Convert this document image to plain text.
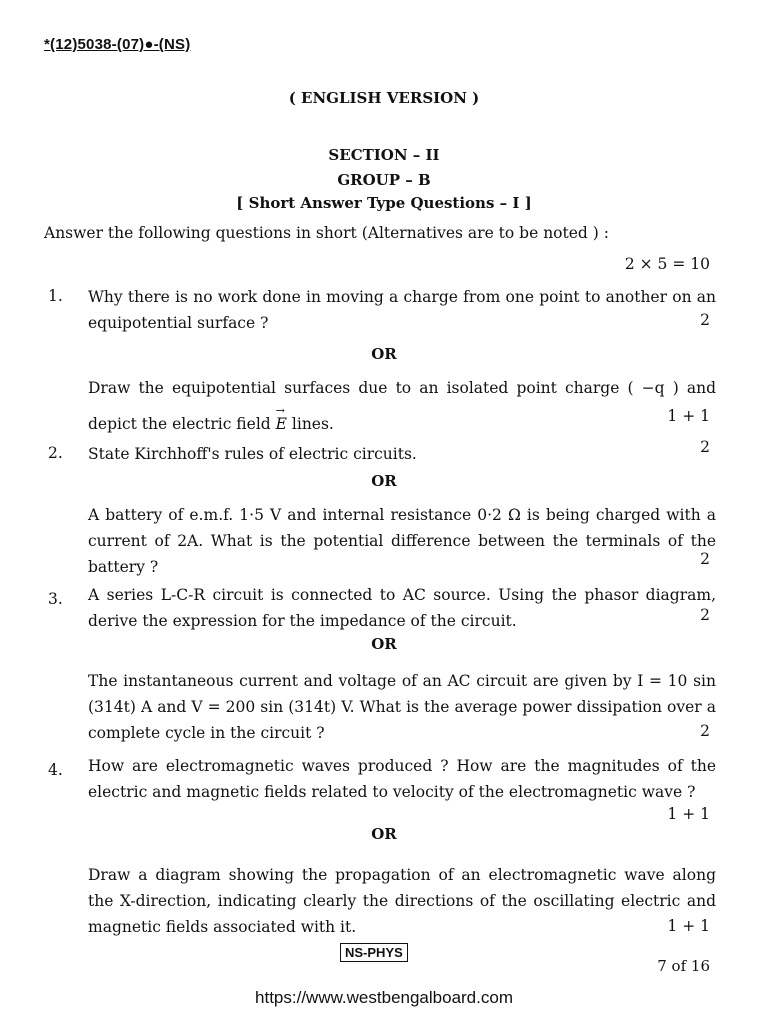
*(12)5038-(07)●-(NS)

( ENGLISH VERSION )

SECTION – II

GROUP – B

[ Short Answer Type Questions – I ]

Answer the following questions in short (Alternatives are to be noted ) :

2 × 5 = 10

1. Why there is no work done in moving a charge from one point to another on an equipotential surface ?	2

OR

Draw the equipotential surfaces due to an isolated point charge ( −q ) and depict the electric field → E lines.	1 + 1

2. State Kirchhoff's rules of electric circuits.	2

OR

A battery of e.m.f. 1·5 V and internal resistance 0·2 Ω is being charged with a current of 2A. What is the potential difference between the terminals of the battery ?	2

3. A series L-C-R circuit is connected to AC source. Using the phasor diagram, derive the expression for the impedance of the circuit.	2

OR

The instantaneous current and voltage of an AC circuit are given by I = 10 sin (314t) A and V = 200 sin (314t) V. What is the average power dissipation over a complete cycle in the circuit ?	2

4. How are electromagnetic waves produced ? How are the magnitudes of the electric and magnetic fields related to velocity of the electromagnetic wave ?

1 + 1

OR

Draw a diagram showing the propagation of an electromagnetic wave along the X-direction, indicating clearly the directions of the oscillating electric and magnetic fields associated with it.	1 + 1

NS-PHYS

7 of 16

https://www.westbengalboard.com
